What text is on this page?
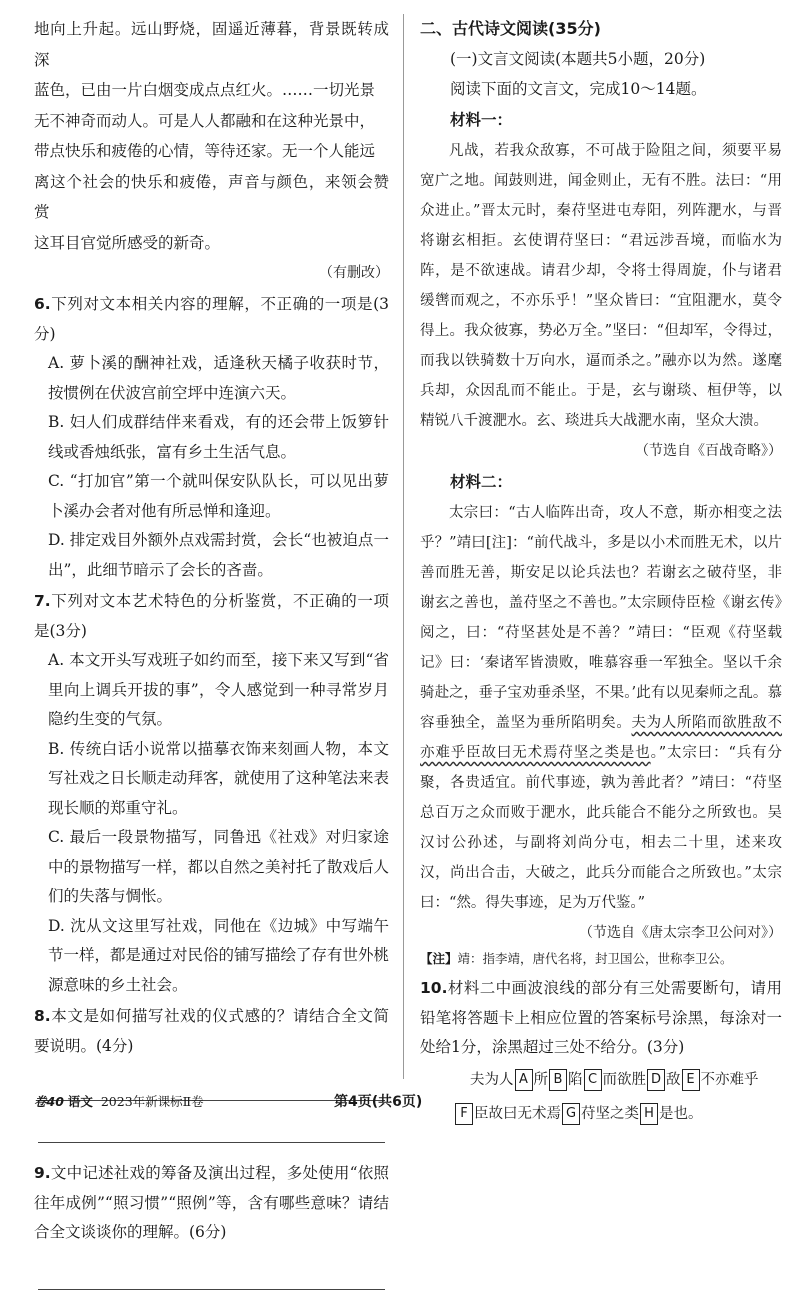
地向上升起。远山野烧，固遥近薄暮，背景既转成深

蓝色，已由一片白烟变成点点红火。……一切光景

无不神奇而动人。可是人人都融和在这种光景中，

带点快乐和疲倦的心情，等待还家。无一个人能远

离这个社会的快乐和疲倦，声音与颜色，来领会赞赏

这耳目官觉所感受的新奇。

（有删改）

6.下列对文本相关内容的理解，不正确的一项是(3分)

A. 萝卜溪的酬神社戏，适逢秋天橘子收获时节，按惯例在伏波宫前空坪中连演六天。

B. 妇人们成群结伴来看戏，有的还会带上饭箩针线或香烛纸张，富有乡土生活气息。

C. “打加官”第一个就叫保安队队长，可以见出萝卜溪办会者对他有所忌惮和逢迎。

D. 排定戏目外额外点戏需封赏，会长“也被迫点一出”，此细节暗示了会长的吝啬。

7.下列对文本艺术特色的分析鉴赏，不正确的一项是(3分)

A. 本文开头写戏班子如约而至，接下来又写到“省里向上调兵开拔的事”，令人感觉到一种寻常岁月隐约生变的气氛。

B. 传统白话小说常以描摹衣饰来刻画人物，本文写社戏之日长顺走动拜客，就使用了这种笔法来表现长顺的郑重守礼。

C. 最后一段景物描写，同鲁迅《社戏》对归家途中的景物描写一样，都以自然之美衬托了散戏后人们的失落与惆怅。

D. 沈从文这里写社戏，同他在《边城》中写端午节一样，都是通过对民俗的铺写描绘了存有世外桃源意味的乡土社会。

8.本文是如何描写社戏的仪式感的？请结合全文简要说明。(4分)

9.文中记述社戏的筹备及演出过程，多处使用“依照往年成例”“照习惯”“照例”等，含有哪些意味？请结合全文谈谈你的理解。(6分)

二、古代诗文阅读(35分)

(一)文言文阅读(本题共5小题，20分)

阅读下面的文言文，完成10～14题。

材料一：

凡战，若我众敌寡，不可战于险阻之间，须要平易宽广之地。闻鼓则进，闻金则止，无有不胜。法曰：“用众进止。”晋太元时，秦苻坚进屯寿阳，列阵淝水，与晋将谢玄相拒。玄使谓苻坚曰：“君远涉吾境，而临水为阵，是不欲速战。请君少却，令将士得周旋，仆与诸君缓辔而观之，不亦乐乎！”坚众皆曰：“宜阻淝水，莫令得上。我众彼寡，势必万全。”坚曰：“但却军，令得过，而我以铁骑数十万向水，逼而杀之。”融亦以为然。遂麾兵却，众因乱而不能止。于是，玄与谢琰、桓伊等，以精锐八千渡淝水。玄、琰进兵大战淝水南，坚众大溃。

（节选自《百战奇略》）

材料二：

太宗曰：“古人临阵出奇，攻人不意，斯亦相变之法乎？”靖曰[注]：“前代战斗，多是以小术而胜无术，以片善而胜无善，斯安足以论兵法也？若谢玄之破苻坚，非谢玄之善也，盖苻坚之不善也。”太宗顾侍臣检《谢玄传》阅之，曰：“苻坚甚处是不善？”靖曰：“臣观《苻坚载记》曰：‘秦诸军皆溃败，唯慕容垂一军独全。坚以千余骑赴之，垂子宝劝垂杀坚，不果。’此有以见秦师之乱。慕容垂独全，盖坚为垂所陷明矣。夫为人所陷而欲胜敌不亦难乎臣故曰无术焉苻坚之类是也。”太宗曰：“兵有分聚，各贵适宜。前代事迹，孰为善此者？”靖曰：“苻坚总百万之众而败于淝水，此兵能合不能分之所致也。吴汉讨公孙述，与副将刘尚分屯，相去二十里，述来攻汉，尚出合击，大破之，此兵分而能合之所致也。”太宗曰：“然。得失事迹，足为万代鉴。”

（节选自《唐太宗李卫公问对》）

【注】靖：指李靖，唐代名将，封卫国公，世称李卫公。

10.材料二中画波浪线的部分有三处需要断句，请用铅笔将答题卡上相应位置的答案标号涂黑，每涂对一处给1分，涂黑超过三处不给分。(3分)

夫为人 A 所 B 陷 C 而欲胜 D 敌 E 不亦难乎

F 臣故曰无术焉 G 苻坚之类 H 是也。

卷40 语文 2023年新课标Ⅱ卷	第4页(共6页)
